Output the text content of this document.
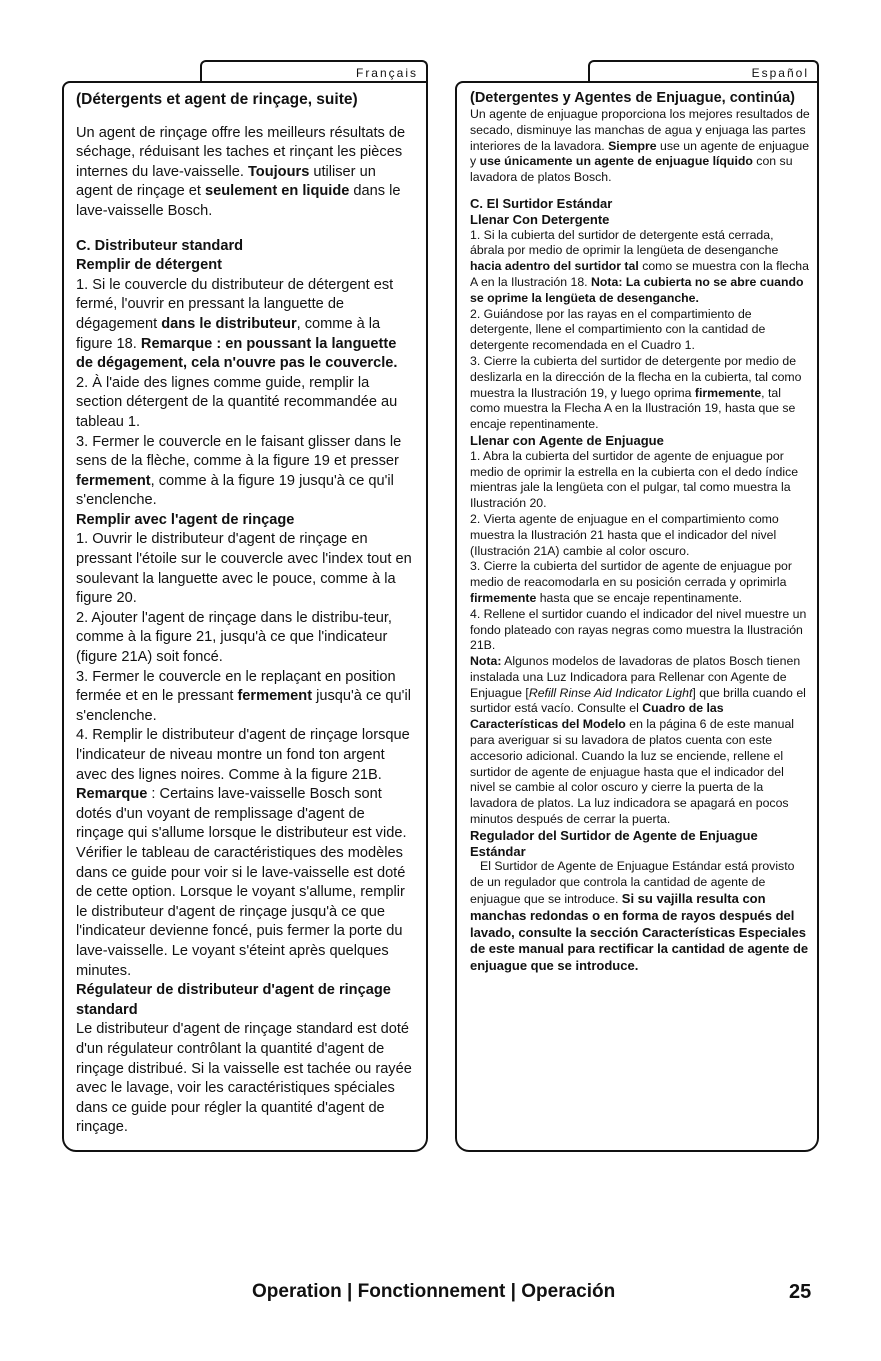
Français	Español

(Détergents et agent de rinçage, suite)

Un agent de rinçage offre les meilleurs résultats de séchage, réduisant les taches et rinçant les pièces internes du lave-vaisselle. Toujours utiliser un agent de rinçage et seulement en liquide dans le lave-vaisselle Bosch.

C. Distributeur standard

Remplir de détergent

1. Si le couvercle du distributeur de détergent est fermé, l'ouvrir en pressant la languette de dégagement dans le distributeur, comme à la figure 18. Remarque : en poussant la languette de dégagement, cela n'ouvre pas le couvercle.

2. À l'aide des lignes comme guide, remplir la section détergent de la quantité recommandée au tableau 1.

3. Fermer le couvercle en le faisant glisser dans le sens de la flèche, comme à la figure 19 et presser fermement, comme à la figure 19 jusqu'à ce qu'il s'enclenche.

Remplir avec l'agent de rinçage

1. Ouvrir le distributeur d'agent de rinçage en pressant l'étoile sur le couvercle avec l'index tout en soulevant la languette avec le pouce, comme à la figure 20.

2. Ajouter l'agent de rinçage dans le distribu-teur, comme à la figure 21, jusqu'à ce que l'indicateur (figure 21A) soit foncé.

3. Fermer le couvercle en le replaçant en position fermée et en le pressant fermement jusqu'à ce qu'il s'enclenche.

4. Remplir le distributeur d'agent de rinçage lorsque l'indicateur de niveau montre un fond ton argent avec des lignes noires. Comme à la figure 21B.

Remarque : Certains lave-vaisselle Bosch sont dotés d'un voyant de remplissage d'agent de rinçage qui s'allume lorsque le distributeur est vide. Vérifier le tableau de caractéristiques des modèles dans ce guide pour voir si le lave-vaisselle est doté de cette option. Lorsque le voyant s'allume, remplir le distributeur d'agent de rinçage jusqu'à ce que l'indicateur devienne foncé, puis fermer la porte du lave-vaisselle. Le voyant s'éteint après quelques minutes.

Régulateur de distributeur d'agent de rinçage standard

Le distributeur d'agent de rinçage standard est doté d'un régulateur contrôlant la quantité d'agent de rinçage distribué. Si la vaisselle est tachée ou rayée avec le lavage, voir les caractéristiques spéciales dans ce guide pour régler la quantité d'agent de rinçage.

(Detergentes y Agentes de Enjuague, continúa)

Un agente de enjuague proporciona los mejores resultados de secado, disminuye las manchas de agua y enjuaga las partes interiores de la lavadora. Siempre use un agente de enjuague y use únicamente un agente de enjuague líquido con su lavadora de platos Bosch.

C. El Surtidor Estándar

Llenar Con Detergente

1. Si la cubierta del surtidor de detergente está cerrada, ábrala por medio de oprimir la lengüeta de desenganche hacia adentro del surtidor tal como se muestra con la flecha A en la Ilustración 18. Nota: La cubierta no se abre cuando se oprime la lengüeta de desenganche.

2. Guiándose por las rayas en el compartimiento de detergente, llene el compartimiento con la cantidad de detergente recomendada en el Cuadro 1.

3. Cierre la cubierta del surtidor de detergente por medio de deslizarla en la dirección de la flecha en la cubierta, tal como muestra la Ilustración 19, y luego oprima firmemente, tal como muestra la Flecha A en la Ilustración 19, hasta que se encaje repentinamente.

Llenar con Agente de Enjuague

1. Abra la cubierta del surtidor de agente de enjuague por medio de oprimir la estrella en la cubierta con el dedo índice mientras jale la lengüeta con el pulgar, tal como muestra la Ilustración 20.

2. Vierta agente de enjuague en el compartimiento como muestra la Ilustración 21 hasta que el indicador del nivel (Ilustración 21A) cambie al color oscuro.

3. Cierre la cubierta del surtidor de agente de enjuague por medio de reacomodarla en su posición cerrada y oprimirla firmemente hasta que se encaje repentinamente.

4. Rellene el surtidor cuando el indicador del nivel muestre un fondo plateado con rayas negras como muestra la Ilustración 21B.

Nota: Algunos modelos de lavadoras de platos Bosch tienen instalada una Luz Indicadora para Rellenar con Agente de Enjuague [Refill Rinse Aid Indicator Light] que brilla cuando el surtidor está vacío. Consulte el Cuadro de las Características del Modelo en la página 6 de este manual para averiguar si su lavadora de platos cuenta con este accesorio adicional. Cuando la luz se enciende, rellene el surtidor de agente de enjuague hasta que el indicador del nivel se cambie al color oscuro y cierre la puerta de la lavadora de platos. La luz indicadora se apagará en pocos minutos después de cerrar la puerta.

Regulador del Surtidor de Agente de Enjuague Estándar

El Surtidor de Agente de Enjuague Estándar está provisto de un regulador que controla la cantidad de agente de enjuague que se introduce. Si su vajilla resulta con manchas redondas o en forma de rayos después del lavado, consulte la sección Características Especiales de este manual para rectificar la cantidad de agente de enjuague que se introduce.

Operation | Fonctionnement | Operación	25
